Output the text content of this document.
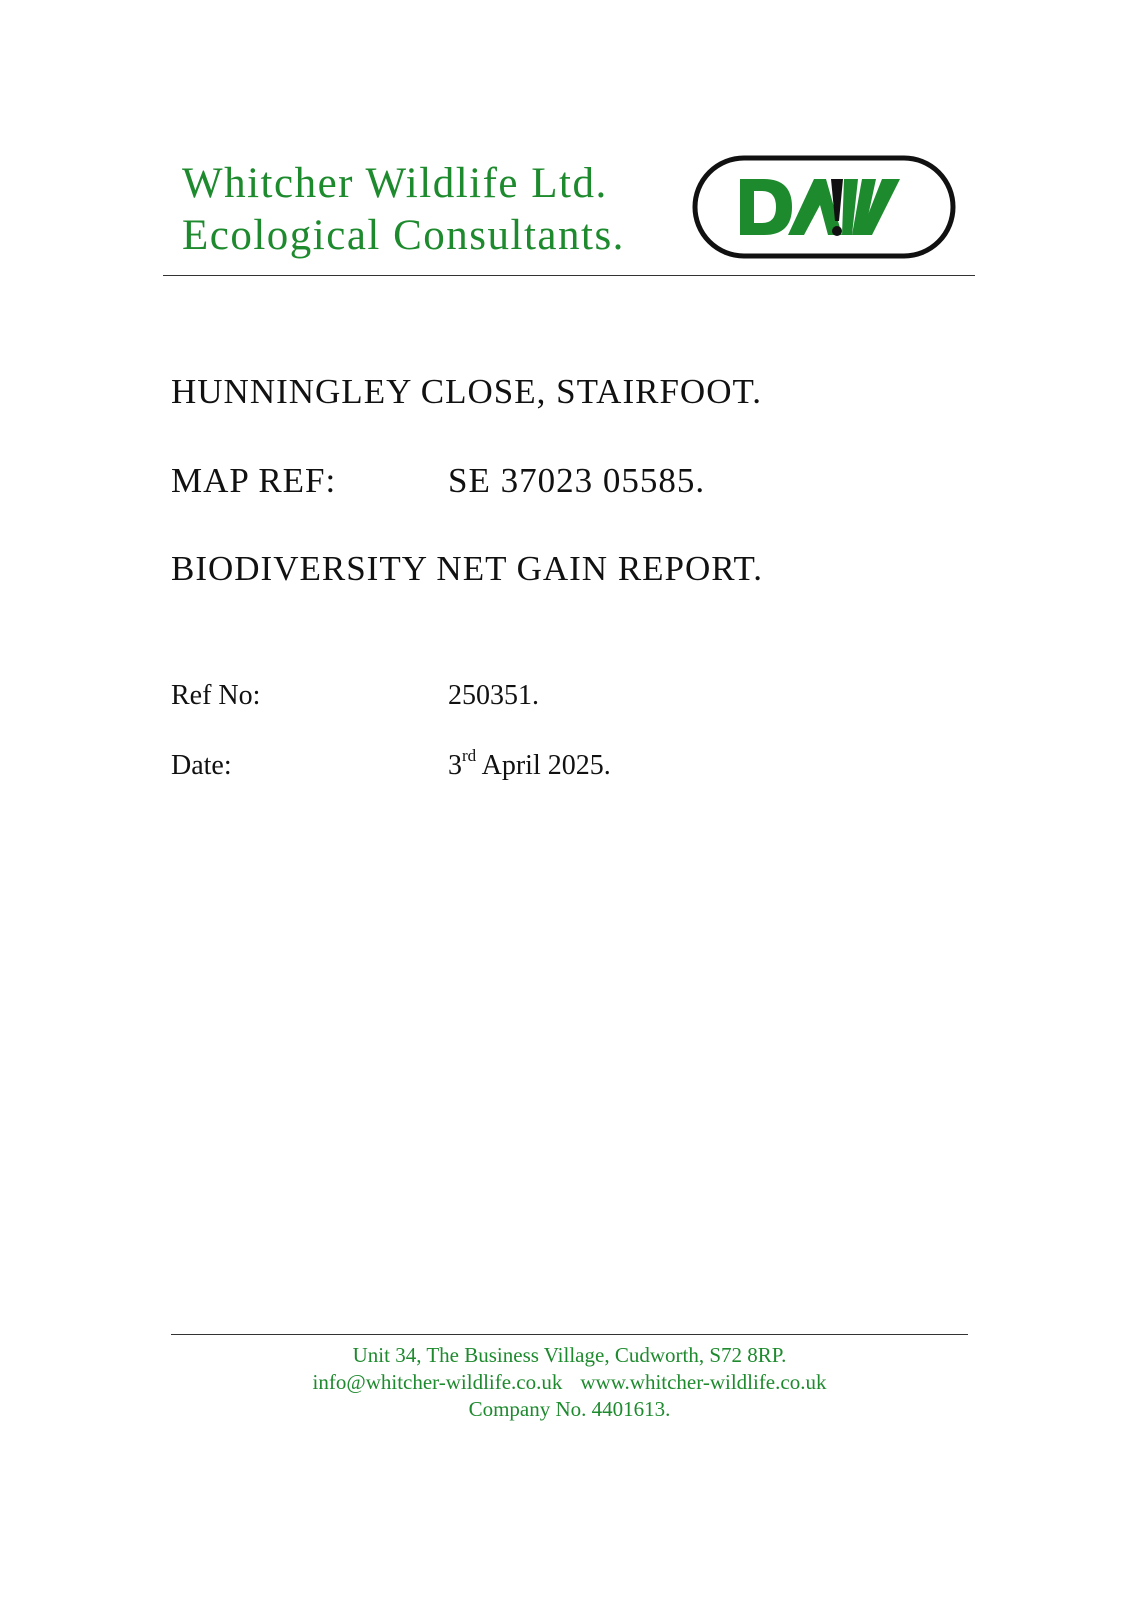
Whitcher Wildlife Ltd.
Ecological Consultants.
HUNNINGLEY CLOSE, STAIRFOOT.
MAP REF:	SE 37023 05585.
BIODIVERSITY NET GAIN REPORT.
Ref No:	250351.
Date:	3rd April 2025.
Unit 34, The Business Village, Cudworth, S72 8RP.
info@whitcher-wildlife.co.uk www.whitcher-wildlife.co.uk
Company No. 4401613.
